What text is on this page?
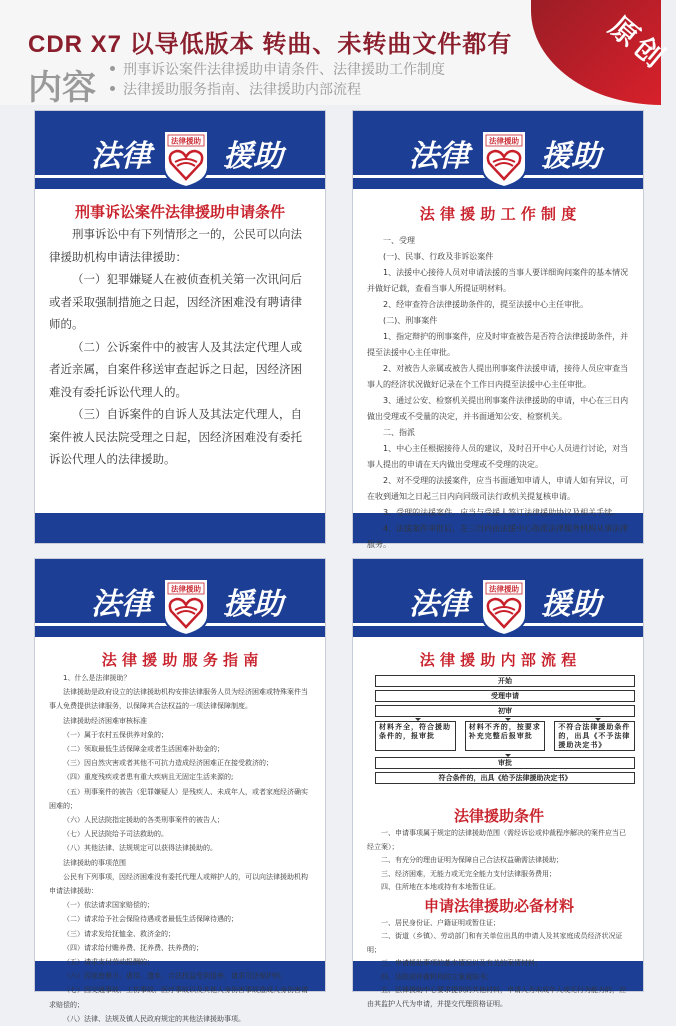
CDR X7 以导低版本 转曲、未转曲文件都有
内容	刑事诉讼案件法律援助申请条件、法律援助工作制度
法律援助服务指南、法律援助内部流程
原创
法律 援助
法律援助
刑事诉讼案件法律援助申请条件

刑事诉讼中有下列情形之一的，公民可以向法律援助机构申请法律援助：

（一）犯罪嫌疑人在被侦查机关第一次讯问后或者采取强制措施之日起，因经济困难没有聘请律师的。

（二）公诉案件中的被害人及其法定代理人或者近亲属，自案件移送审查起诉之日起，因经济困难没有委托诉讼代理人的。

（三）自诉案件的自诉人及其法定代理人，自案件被人民法院受理之日起，因经济困难没有委托诉讼代理人的法律援助。

法律 援助
法律援助
法 律 援 助 工 作 制 度

一、受理

(一)、民事、行政及非诉讼案件

1、法援中心接待人员对申请法援的当事人要详细询问案件的基本情况并做好记载，查看当事人所提证明材料。

2、经审查符合法律援助条件的，提至法援中心主任审批。

(二)、刑事案件

1、指定辩护的刑事案件，应及时审查被告是否符合法律援助条件，并提至法援中心主任审批。

2、对被告人亲属或被告人提出刑事案件法援申请，接待人员应审查当事人的经济状况做好记录在个工作日内提至法援中心主任审批。

3、通过公安、检察机关提出刑事案件法律援助的申请，中心在三日内做出受理或不受量的决定，并书面通知公安、检察机关。

二、指派

1、中心主任根据接待人员的建议，及时召开中心人员进行讨论，对当事人提出的申请在天内做出受理或不受理的决定。

2、对不受理的法援案件，应当书面通知申请人，申请人如有异议，可在收到通知之日起三日内向同级司法行政机关提复核申请。

3、受理的法援案件，应当与受援人签订法律援助协议及相关手续。

4、法援案件审批后，在三日内由法援中心指派法律服务机构从事法律服务。

法律 援助
法律援助
法 律 援 助 服 务 指 南

1、什么是法律援助？

法律援助是政府设立的法律援助机构安排法律服务人员为经济困难或特殊案件当事人免费提供法律服务，以保障其合法权益的一项法律保障制度。

法律援助经济困难审核标准

（一）属于农村五保供养对象的；

（二）领取最低生活保障金或者生活困难补助金的；

（三）因自然灾害或者其他不可抗力造成经济困难正在接受救济的；

（四）重度残疾或者患有重大疾病且无固定生活来源的;

（五）刑事案件的被告（犯罪嫌疑人）是残疾人、未成年人，或者家庭经济确实困难的；

（六）人民法院指定援助的各类刑事案件的被告人；

（七）人民法院给予司法救助的。

（八）其他法律、法规规定可以获得法律援助的。

法律援助的事项范围

公民有下列事项，因经济困难没有委托代理人或辩护人的，可以向法律援助机构申请法律援助：

（一）依法请求国家赔偿的；

（二）请求给予社会保险待遇或者最低生活保障待遇的；

（三）请求发给抚恤金、救济金的；

（四）请求给付赡养费、抚养费、扶养费的；

（五）请求支付劳动报酬的；

（六）因家庭暴力、虐待、遗弃，合法权益受到侵害，请求司法保护的；

（七）因交通事故、工伤事故、医疗事故以及其他人身伤害事故造成人身伤害请求赔偿的；

（八）法律、法规及镇人民政府规定的其他法律援助事项。

法律 援助
法律援助
法 律 援 助 内 部 流 程
开始
受理申请
初审
材料齐全，符合援助条件的，报审批
材料不齐的，按要求补充完整后报审批
不符合法律援助条件的，出具《不予法律援助决定书》
审批
符合条件的，出具《给予法律援助决定书》

法律援助条件

一、申请事项属于规定的法律援助范围（需经诉讼或仲裁程序解决的案件应当已经立案）；

二、有充分的理由证明为保障自己合法权益确需法律援助；

三、经济困难，无能力或无完全能力支付法律服务费用；

四、住所地在本地或持有本地暂住证。

申请法律援助必备材料

一、居民身份证、户籍证明或暂住证；

二、街道（乡镇）、劳动部门和有关单位出具的申请人及其家庭成员经济状况证明；

三、申请援助事项的基本情况以及有关的案情材料；

四、法院或仲裁机构的立案通知书；

五、法律援助中心要求提供的其他材料，申请人为未成年人或无行为能力的，应由其监护人代为申请，并提交代理资格证明。
